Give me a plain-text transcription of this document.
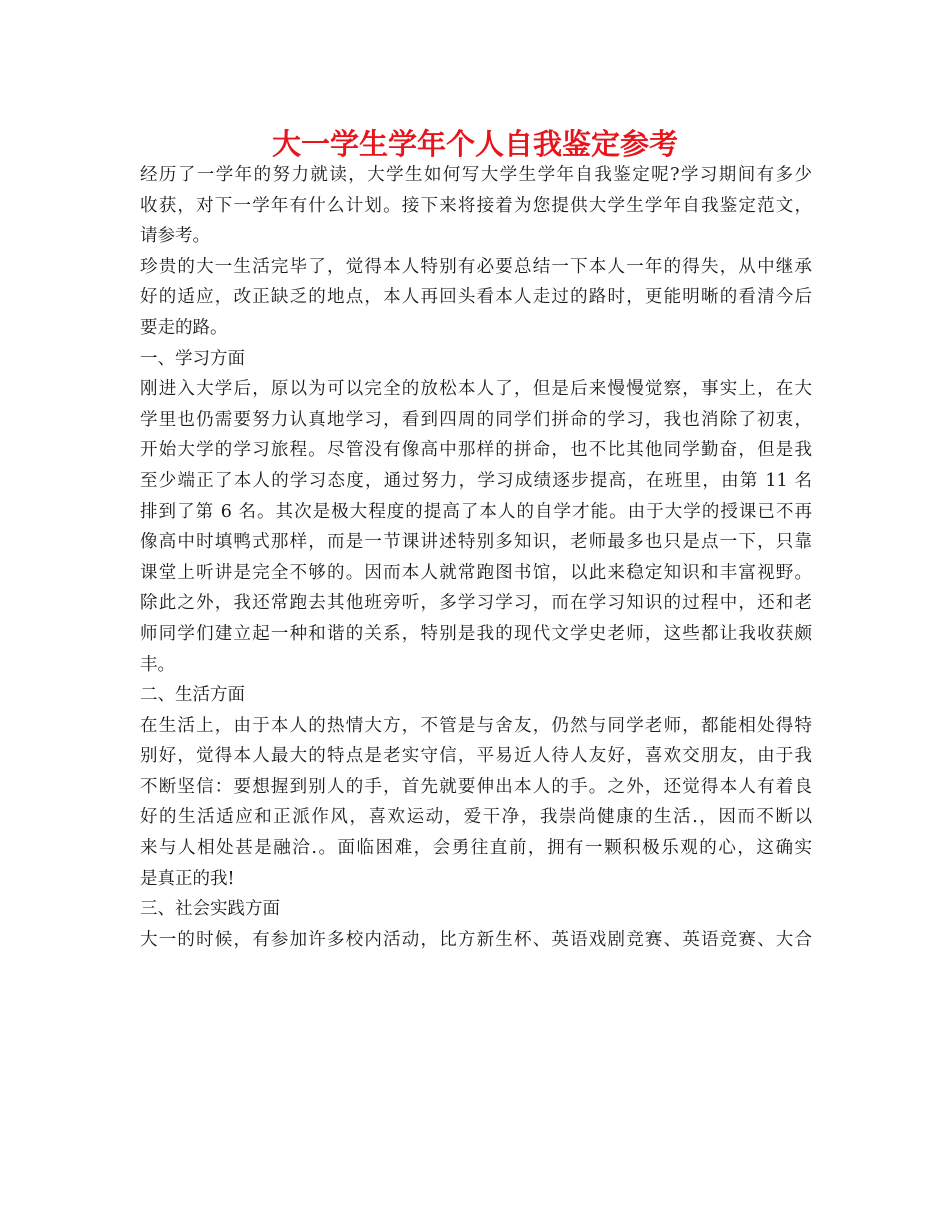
大一学生学年个人自我鉴定参考
经历了一学年的努力就读，大学生如何写大学生学年自我鉴定呢?学习期间有多少
收获，对下一学年有什么计划。接下来将接着为您提供大学生学年自我鉴定范文，
请参考。
珍贵的大一生活完毕了，觉得本人特别有必要总结一下本人一年的得失，从中继承
好的适应，改正缺乏的地点，本人再回头看本人走过的路时，更能明晰的看清今后
要走的路。
一、学习方面
刚进入大学后，原以为可以完全的放松本人了，但是后来慢慢觉察，事实上，在大
学里也仍需要努力认真地学习，看到四周的同学们拼命的学习，我也消除了初衷，
开始大学的学习旅程。尽管没有像高中那样的拼命，也不比其他同学勤奋，但是我
至少端正了本人的学习态度，通过努力，学习成绩逐步提高，在班里，由第 11 名
排到了第 6 名。其次是极大程度的提高了本人的自学才能。由于大学的授课已不再
像高中时填鸭式那样，而是一节课讲述特别多知识，老师最多也只是点一下，只靠
课堂上听讲是完全不够的。因而本人就常跑图书馆，以此来稳定知识和丰富视野。
除此之外，我还常跑去其他班旁听，多学习学习，而在学习知识的过程中，还和老
师同学们建立起一种和谐的关系，特别是我的现代文学史老师，这些都让我收获颇
丰。
二、生活方面
在生活上，由于本人的热情大方，不管是与舍友，仍然与同学老师，都能相处得特
别好，觉得本人最大的特点是老实守信，平易近人待人友好，喜欢交朋友，由于我
不断坚信：要想握到别人的手，首先就要伸出本人的手。之外，还觉得本人有着良
好的生活适应和正派作风，喜欢运动，爱干净，我崇尚健康的生活.，因而不断以
来与人相处甚是融洽.。面临困难，会勇往直前，拥有一颗积极乐观的心，这确实
是真正的我!
三、社会实践方面
大一的时候，有参加许多校内活动，比方新生杯、英语戏剧竞赛、英语竞赛、大合
